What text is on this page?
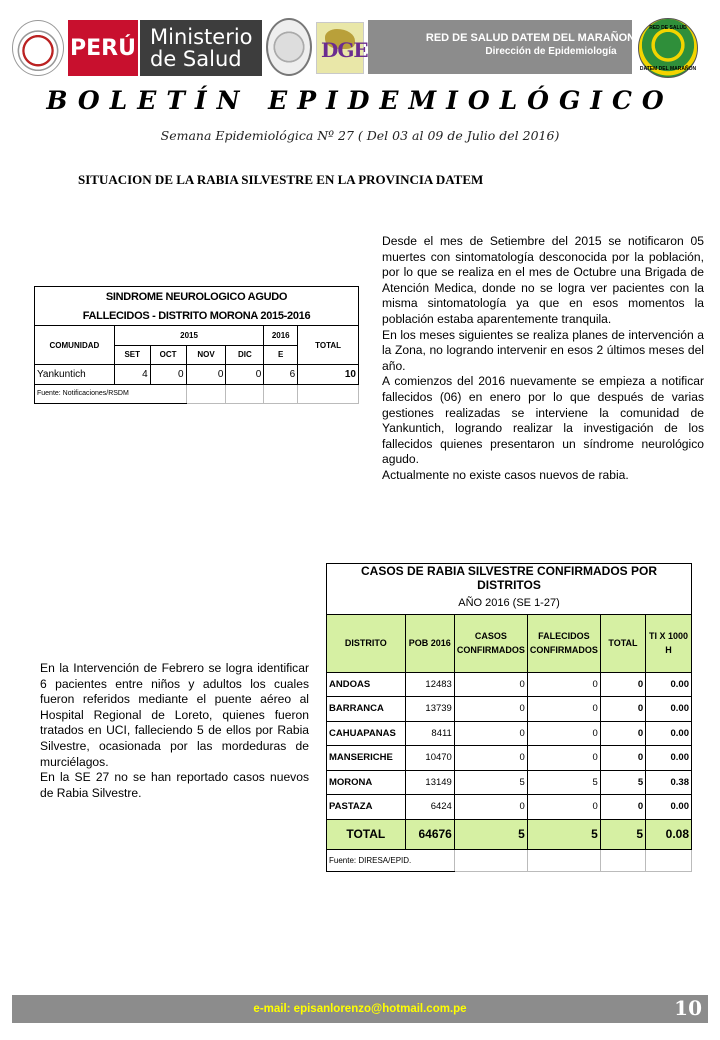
PERÚ Ministerio
de Salud	DGE	RED DE SALUD DATEM DEL MARAÑON
Dirección de Epidemiología
RED DE SALUD
DATEM DEL MARAÑON
BOLETÍN EPIDEMIOLÓGICO
Semana Epidemiológica Nº 27 ( Del 03 al 09 de Julio del 2016)
SITUACION DE LA RABIA SILVESTRE EN LA PROVINCIA DATEM

Desde el mes de Setiembre del 2015 se notificaron 05 muertes con sintomatología desconocida por la población, por lo que se realiza en el mes de Octubre una Brigada de Atención Medica, donde no se logra ver pacientes con la misma sintomatología ya que en esos momentos la población estaba aparentemente tranquila.

En los meses siguientes se realiza planes de intervención a la Zona, no logrando intervenir en esos 2 últimos meses del año.

A comienzos del 2016 nuevamente se empieza a notificar fallecidos (06) en enero por lo que después de varias gestiones realizadas se interviene la comunidad de Yankuntich, logrando realizar la investigación de los fallecidos quienes presentaron un síndrome neurológico agudo.

Actualmente no existe casos nuevos de rabia.

SINDROME NEUROLOGICO AGUDO						
FALLECIDOS - DISTRITO MORONA 2015-2016						
COMUNIDAD	2015				2016	TOTAL
	SET	OCT	NOV	DIC	E	
Yankuntich	4	0	0	0	6	10
Fuente: Notificaciones/RSDM						

En la Intervención de Febrero se logra identificar 6 pacientes entre niños y adultos los cuales fueron referidos mediante el puente aéreo al Hospital Regional de Loreto, quienes fueron tratados en UCI, falleciendo 5 de ellos por Rabia Silvestre, ocasionada por las mordeduras de murciélagos.

En la SE 27 no se han reportado casos nuevos de Rabia Silvestre.

CASOS DE RABIA SILVESTRE CONFIRMADOS POR DISTRITOS					
AÑO 2016 (SE 1-27)					
DISTRITO	POB 2016	CASOS CONFIRMADOS	FALECIDOS CONFIRMADOS	TOTAL	TI X 1000 H
ANDOAS	12483	0	0	0	0.00
BARRANCA	13739	0	0	0	0.00
CAHUAPANAS	8411	0	0	0	0.00
MANSERICHE	10470	0	0	0	0.00
MORONA	13149	5	5	5	0.38
PASTAZA	6424	0	0	0	0.00
TOTAL	64676	5	5	5	0.08
Fuente: DIRESA/EPID.					
e-mail: episanlorenzo@hotmail.com.pe	10
